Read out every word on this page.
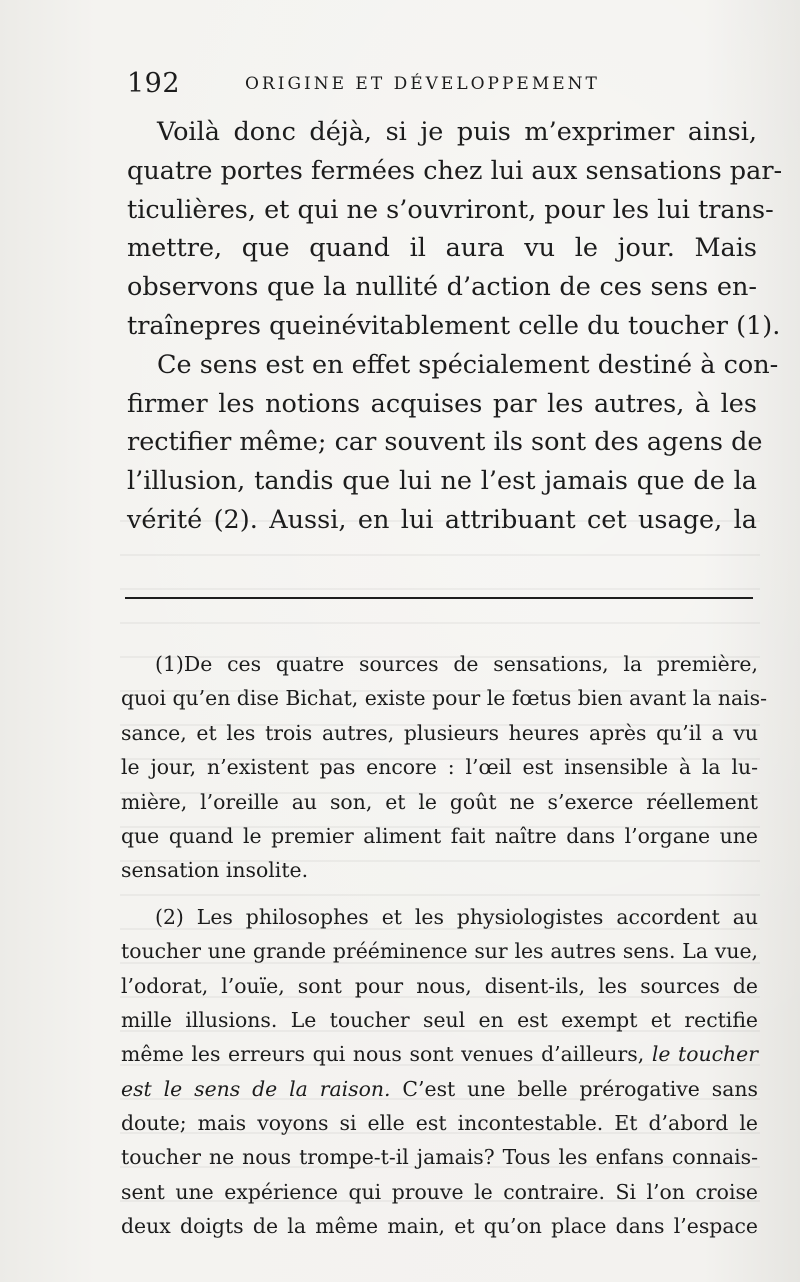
192	ORIGINE ET DÉVELOPPEMENT
Voilà donc déjà, si je puis m’exprimer ainsi,
quatre portes fermées chez lui aux sensations par-
ticulières, et qui ne s’ouvriront, pour les lui trans-
mettre, que quand il aura vu le jour. Mais
observons que la nullité d’action de ces sens en-
traînepres queinévitablement celle du toucher (1).
Ce sens est en effet spécialement destiné à con-
firmer les notions acquises par les autres, à les
rectifier même; car souvent ils sont des agens de
l’illusion, tandis que lui ne l’est jamais que de la
vérité (2). Aussi, en lui attribuant cet usage, la
(1)De ces quatre sources de sensations, la première,
quoi qu’en dise Bichat, existe pour le fœtus bien avant la nais-
sance, et les trois autres, plusieurs heures après qu’il a vu
le jour, n’existent pas encore : l’œil est insensible à la lu-
mière, l’oreille au son, et le goût ne s’exerce réellement
que quand le premier aliment fait naître dans l’organe une
sensation insolite.
(2) Les philosophes et les physiologistes accordent au
toucher une grande prééminence sur les autres sens. La vue,
l’odorat, l’ouïe, sont pour nous, disent-ils, les sources de
mille illusions. Le toucher seul en est exempt et rectifie
même les erreurs qui nous sont venues d’ailleurs, le toucher
est le sens de la raison. C’est une belle prérogative sans
doute; mais voyons si elle est incontestable. Et d’abord le
toucher ne nous trompe-t-il jamais? Tous les enfans connais-
sent une expérience qui prouve le contraire. Si l’on croise
deux doigts de la même main, et qu’on place dans l’espace
